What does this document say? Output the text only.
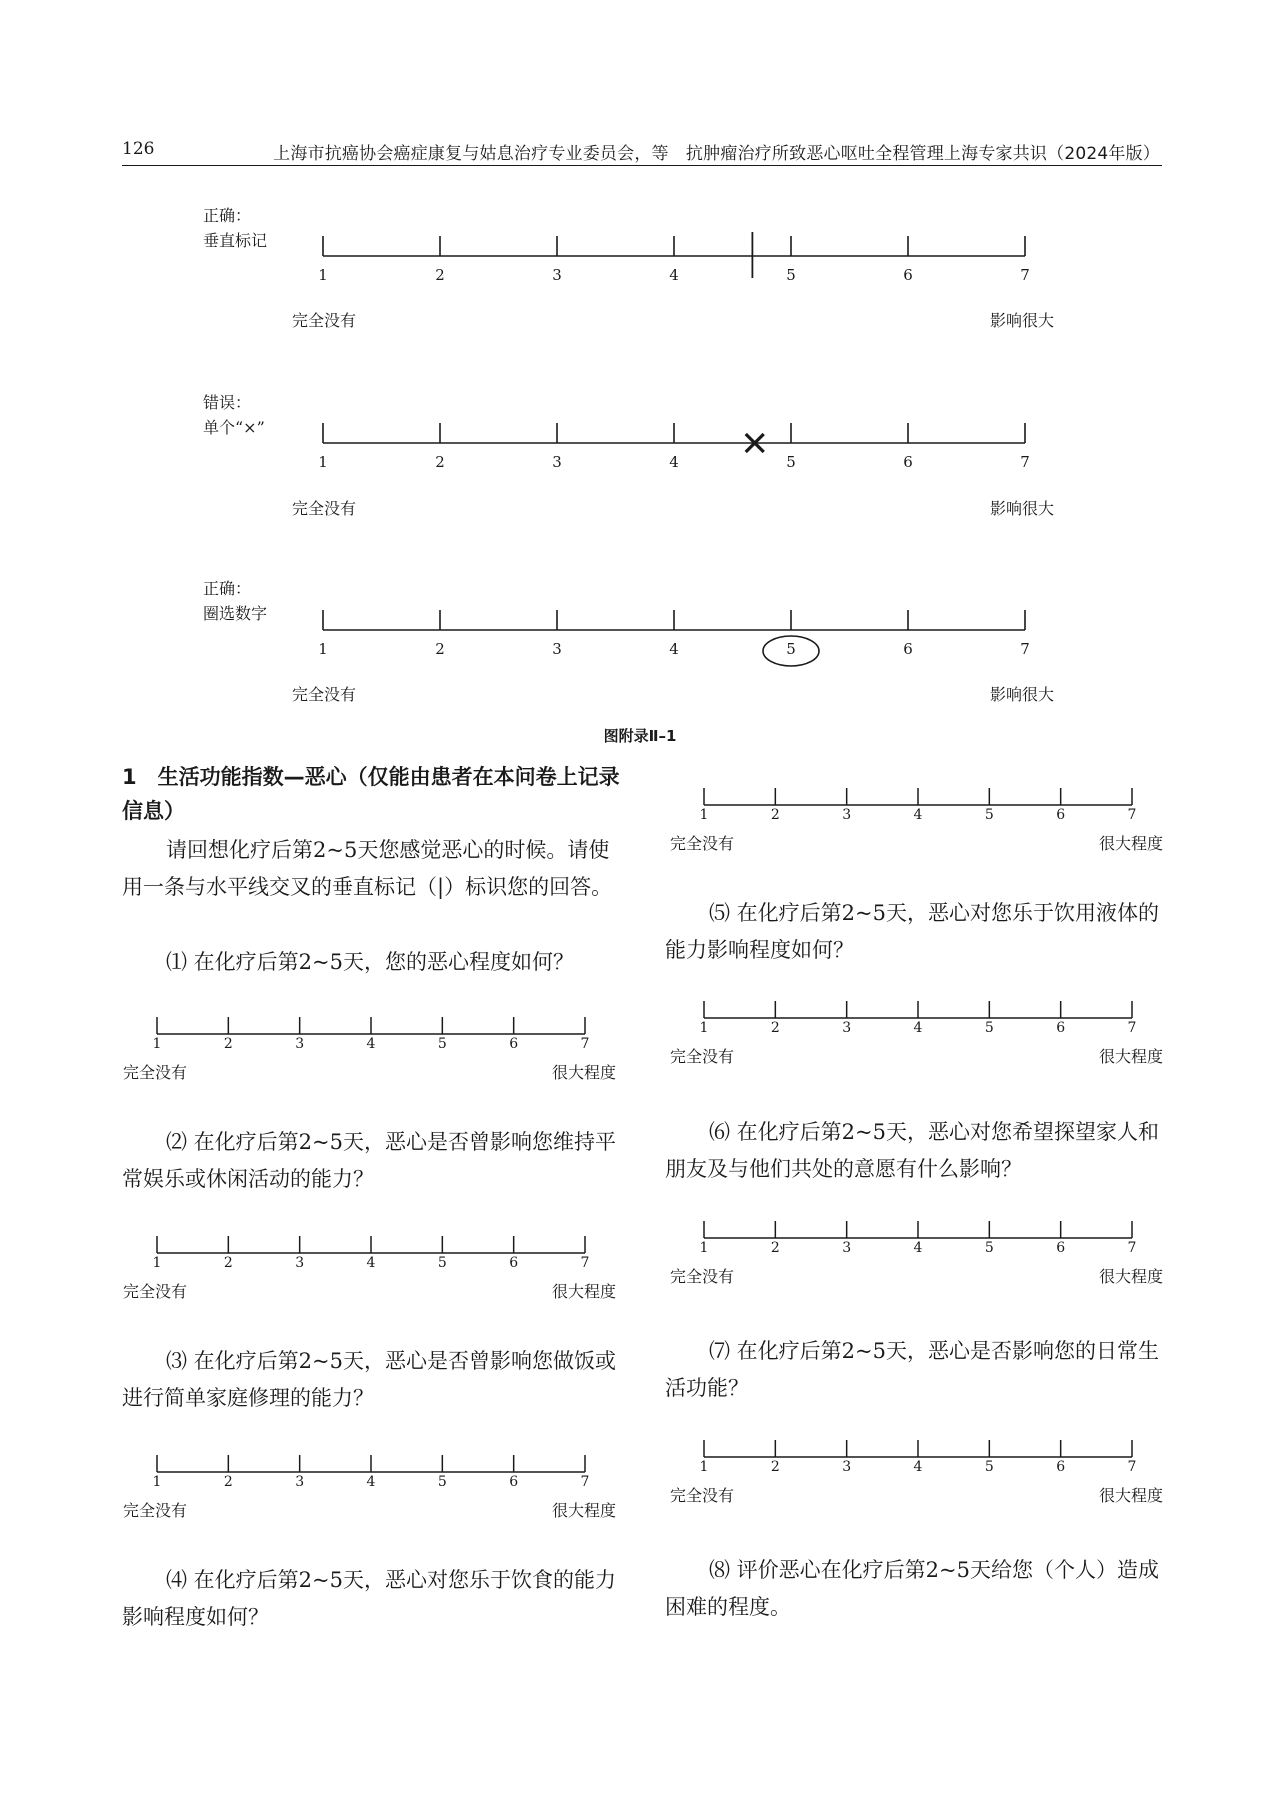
126	上海市抗癌协会癌症康复与姑息治疗专业委员会，等　抗肿瘤治疗所致恶心呕吐全程管理上海专家共识（2024年版）
正确：
垂直标记
完全没有	影响很大
错误：
单个“×”
完全没有	影响很大
正确：
圈选数字
完全没有	影响很大
图附录Ⅱ–1
1　生活功能指数—恶心（仅能由患者在本问卷上记录信息）
请回想化疗后第2~5天您感觉恶心的时候。请使用一条与水平线交叉的垂直标记（|）标识您的回答。
⑴ 在化疗后第2~5天，您的恶心程度如何？
⑵ 在化疗后第2~5天，恶心是否曾影响您维持平常娱乐或休闲活动的能力？
⑶ 在化疗后第2~5天，恶心是否曾影响您做饭或进行简单家庭修理的能力？
⑷ 在化疗后第2~5天，恶心对您乐于饮食的能力影响程度如何？
⑸ 在化疗后第2~5天，恶心对您乐于饮用液体的能力影响程度如何？
⑹ 在化疗后第2~5天，恶心对您希望探望家人和朋友及与他们共处的意愿有什么影响？
⑺ 在化疗后第2~5天，恶心是否影响您的日常生活功能？
⑻ 评价恶心在化疗后第2~5天给您（个人）造成困难的程度。
1	2	3	4	5	6	7
1	2	3	4	5	6	7
1	2	3	4	5	6	7
1	2	3	4	5	6	7
完全没有	很大程度
1	2	3	4	5	6	7
完全没有	很大程度
1	2	3	4	5	6	7
完全没有	很大程度
1	2	3	4	5	6	7
完全没有	很大程度
1	2	3	4	5	6	7
完全没有	很大程度
1	2	3	4	5	6	7
完全没有	很大程度
1	2	3	4	5	6	7
完全没有	很大程度
